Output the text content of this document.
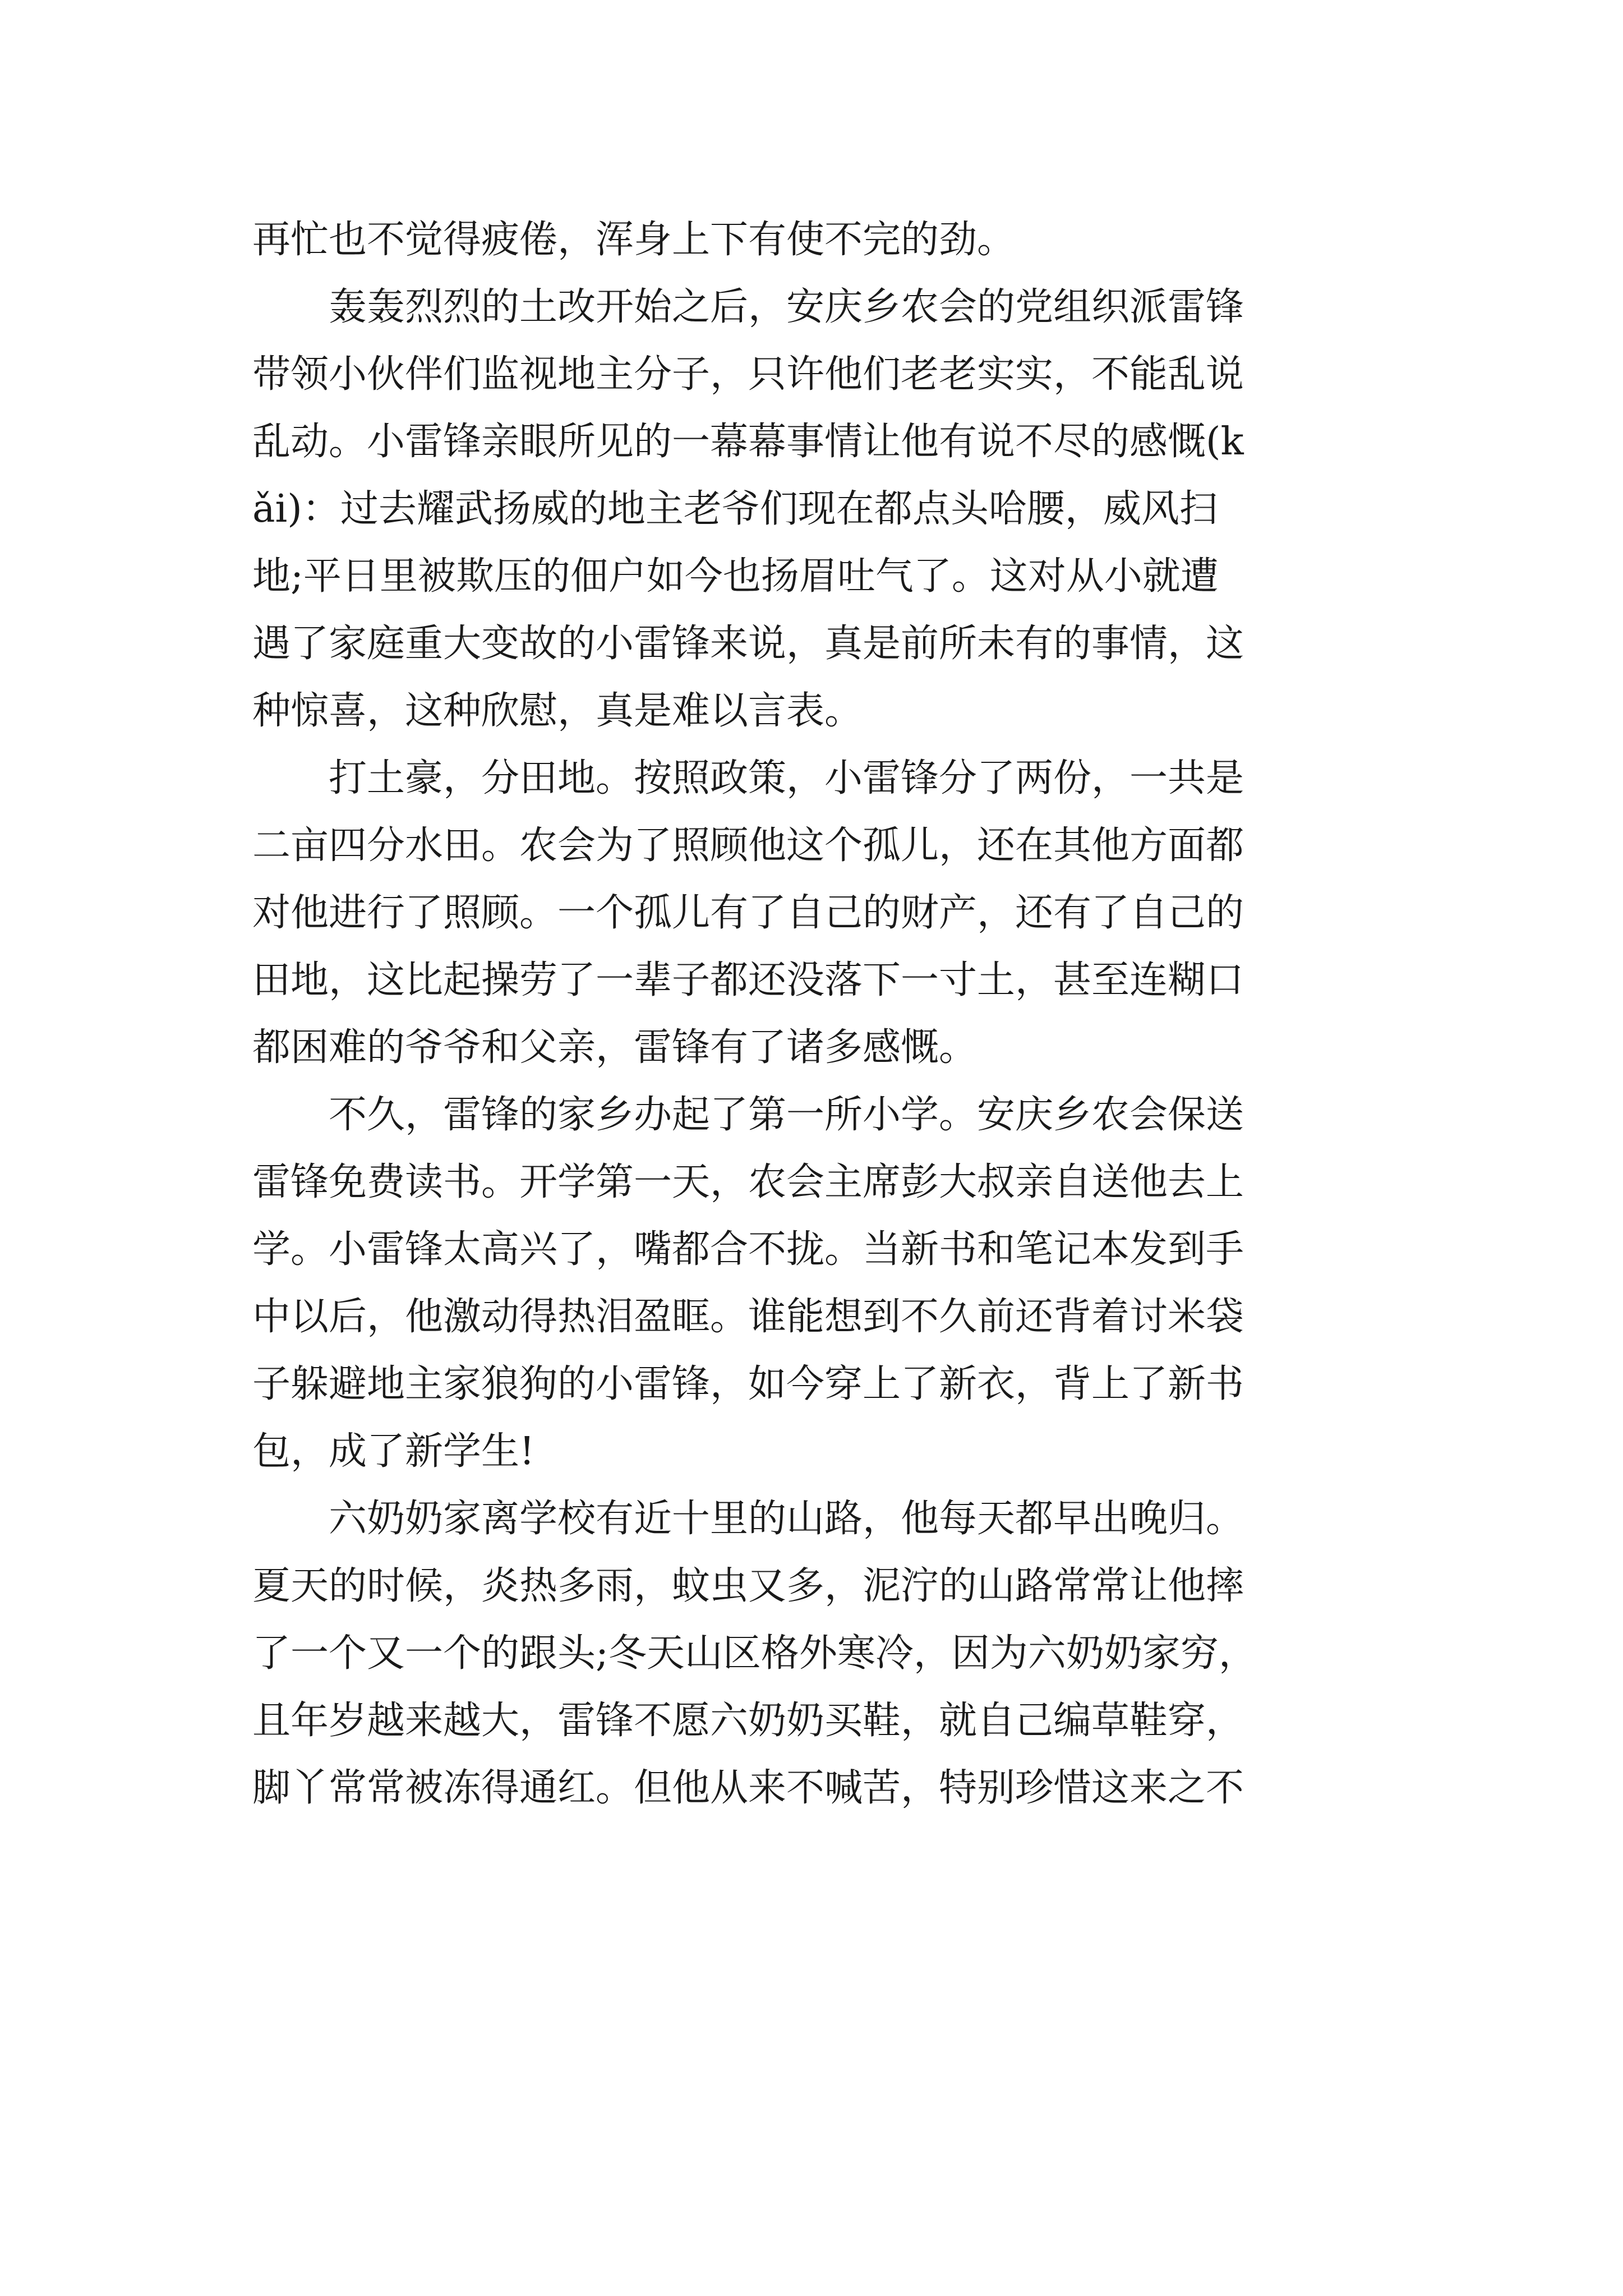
再忙也不觉得疲倦，浑身上下有使不完的劲。
轰轰烈烈的土改开始之后，安庆乡农会的党组织派雷锋
带领小伙伴们监视地主分子，只许他们老老实实，不能乱说
乱动。小雷锋亲眼所见的一幕幕事情让他有说不尽的感慨(k
ǎi)：过去耀武扬威的地主老爷们现在都点头哈腰，威风扫
地;平日里被欺压的佃户如今也扬眉吐气了。这对从小就遭
遇了家庭重大变故的小雷锋来说，真是前所未有的事情，这
种惊喜，这种欣慰，真是难以言表。
打土豪，分田地。按照政策，小雷锋分了两份，一共是
二亩四分水田。农会为了照顾他这个孤儿，还在其他方面都
对他进行了照顾。一个孤儿有了自己的财产，还有了自己的
田地，这比起操劳了一辈子都还没落下一寸土，甚至连糊口
都困难的爷爷和父亲，雷锋有了诸多感慨。
不久，雷锋的家乡办起了第一所小学。安庆乡农会保送
雷锋免费读书。开学第一天，农会主席彭大叔亲自送他去上
学。小雷锋太高兴了，嘴都合不拢。当新书和笔记本发到手
中以后，他激动得热泪盈眶。谁能想到不久前还背着讨米袋
子躲避地主家狼狗的小雷锋，如今穿上了新衣，背上了新书
包，成了新学生!
六奶奶家离学校有近十里的山路，他每天都早出晚归。
夏天的时候，炎热多雨，蚊虫又多，泥泞的山路常常让他摔
了一个又一个的跟头;冬天山区格外寒冷，因为六奶奶家穷，
且年岁越来越大，雷锋不愿六奶奶买鞋，就自己编草鞋穿，
脚丫常常被冻得通红。但他从来不喊苦，特别珍惜这来之不
